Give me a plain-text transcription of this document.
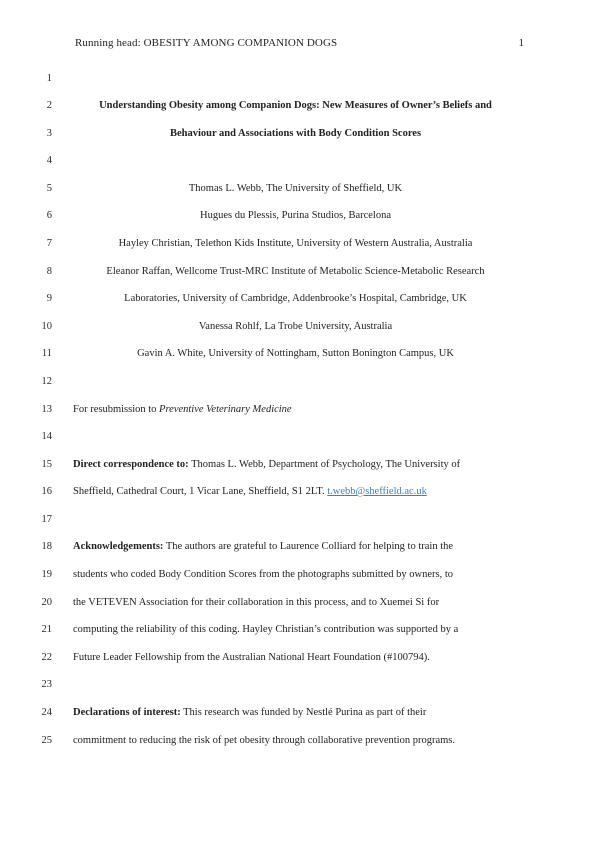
Running head: OBESITY AMONG COMPANION DOGS	1
1
2	Understanding Obesity among Companion Dogs: New Measures of Owner’s Beliefs and
3	Behaviour and Associations with Body Condition Scores
4
5	Thomas L. Webb, The University of Sheffield, UK
6	Hugues du Plessis, Purina Studios, Barcelona
7	Hayley Christian, Telethon Kids Institute, University of Western Australia, Australia
8	Eleanor Raffan, Wellcome Trust-MRC Institute of Metabolic Science-Metabolic Research
9	Laboratories, University of Cambridge, Addenbrooke’s Hospital, Cambridge, UK
10	Vanessa Rohlf, La Trobe University, Australia
11	Gavin A. White, University of Nottingham, Sutton Bonington Campus, UK
12
13 For resubmission to Preventive Veterinary Medicine
14
15 Direct correspondence to: Thomas L. Webb, Department of Psychology, The University of
16 Sheffield, Cathedral Court, 1 Vicar Lane, Sheffield, S1 2LT. t.webb@sheffield.ac.uk
17
18 Acknowledgements: The authors are grateful to Laurence Colliard for helping to train the
19 students who coded Body Condition Scores from the photographs submitted by owners, to
20 the VETEVEN Association for their collaboration in this process, and to Xuemei Si for
21 computing the reliability of this coding. Hayley Christian’s contribution was supported by a
22 Future Leader Fellowship from the Australian National Heart Foundation (#100794).
23
24 Declarations of interest: This research was funded by Nestlé Purina as part of their
25 commitment to reducing the risk of pet obesity through collaborative prevention programs.
